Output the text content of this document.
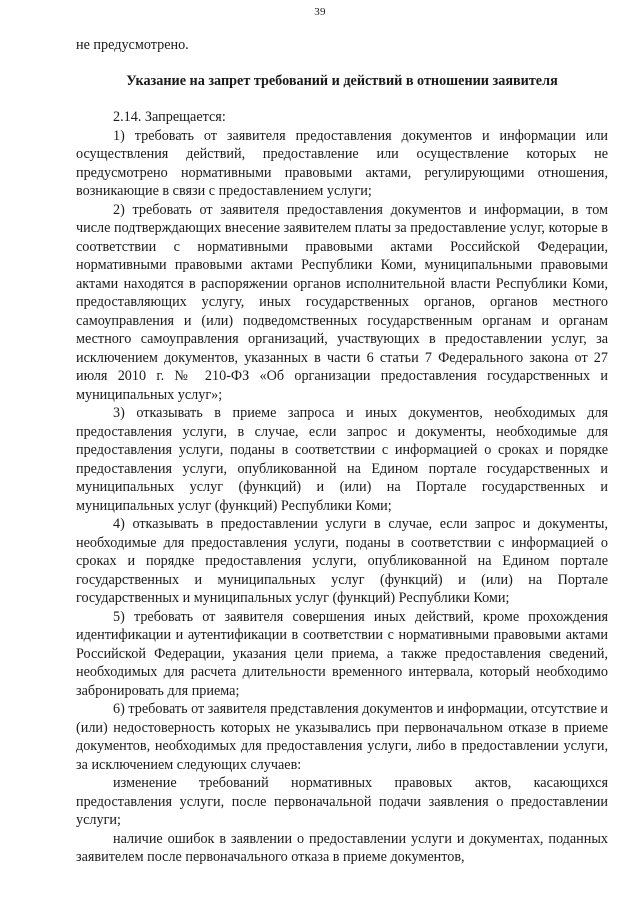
39

не предусмотрено.

Указание на запрет требований и действий в отношении заявителя

2.14. Запрещается:

1) требовать от заявителя предоставления документов и информации или осуществления действий, предоставление или осуществление которых не предусмотрено нормативными правовыми актами, регулирующими отношения, возникающие в связи с предоставлением услуги;

2) требовать от заявителя предоставления документов и информации, в том числе подтверждающих внесение заявителем платы за предоставление услуг, которые в соответствии с нормативными правовыми актами Российской Федерации, нормативными правовыми актами Республики Коми, муниципальными правовыми актами находятся в распоряжении органов исполнительной власти Республики Коми, предоставляющих услугу, иных государственных органов, органов местного самоуправления и (или) подведомственных государственным органам и органам местного самоуправления организаций, участвующих в предоставлении услуг, за исключением документов, указанных в части 6 статьи 7 Федерального закона от 27 июля 2010 г. № 210-ФЗ «Об организации предоставления государственных и муниципальных услуг»;

3) отказывать в приеме запроса и иных документов, необходимых для предоставления услуги, в случае, если запрос и документы, необходимые для предоставления услуги, поданы в соответствии с информацией о сроках и порядке предоставления услуги, опубликованной на Едином портале государственных и муниципальных услуг (функций) и (или) на Портале государственных и муниципальных услуг (функций) Республики Коми;

4) отказывать в предоставлении услуги в случае, если запрос и документы, необходимые для предоставления услуги, поданы в соответствии с информацией о сроках и порядке предоставления услуги, опубликованной на Едином портале государственных и муниципальных услуг (функций) и (или) на Портале государственных и муниципальных услуг (функций) Республики Коми;

5) требовать от заявителя совершения иных действий, кроме прохождения идентификации и аутентификации в соответствии с нормативными правовыми актами Российской Федерации, указания цели приема, а также предоставления сведений, необходимых для расчета длительности временного интервала, который необходимо забронировать для приема;

6) требовать от заявителя представления документов и информации, отсутствие и (или) недостоверность которых не указывались при первоначальном отказе в приеме документов, необходимых для предоставления услуги, либо в предоставлении услуги, за исключением следующих случаев:

изменение требований нормативных правовых актов, касающихся предоставления услуги, после первоначальной подачи заявления о предоставлении услуги;

наличие ошибок в заявлении о предоставлении услуги и документах, поданных заявителем после первоначального отказа в приеме документов,
